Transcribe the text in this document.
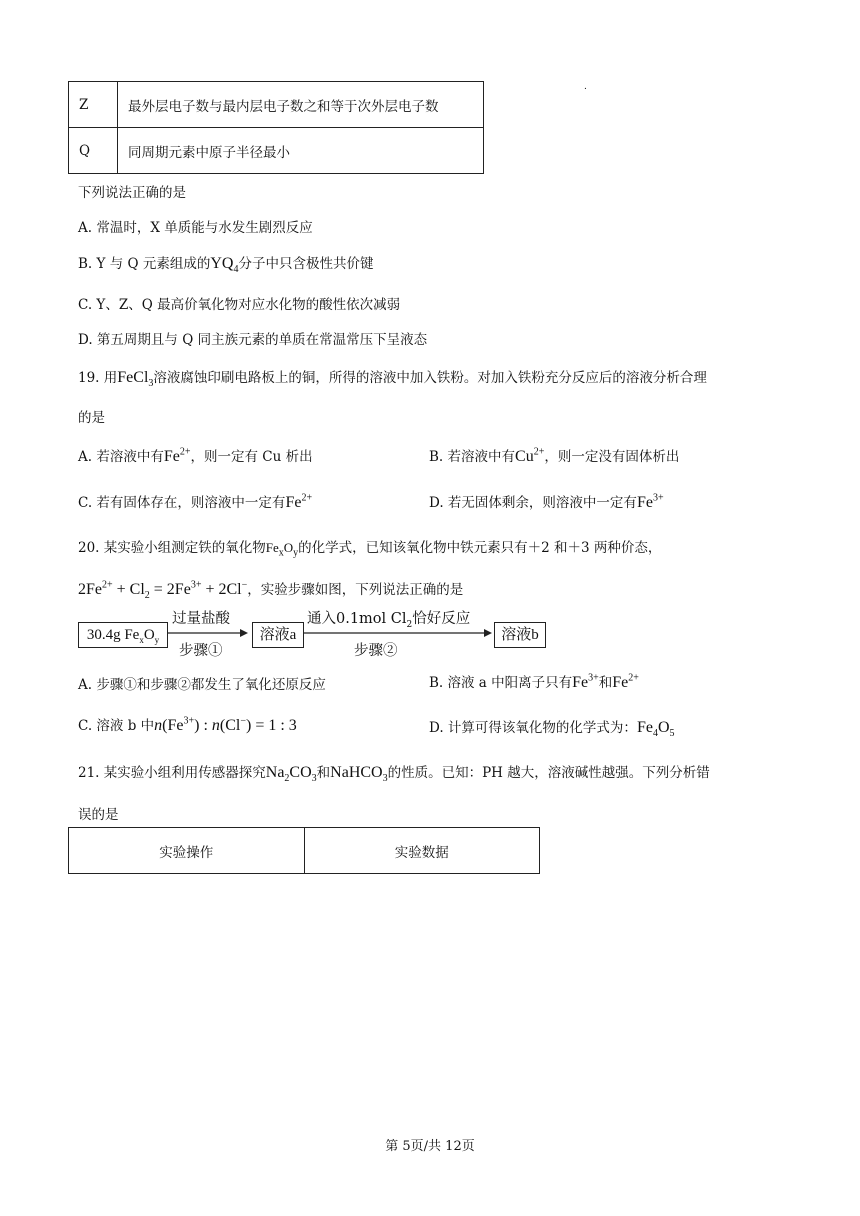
Z	最外层电子数与最内层电子数之和等于次外层电子数
Q	同周期元素中原子半径最小
.
下列说法正确的是
A. 常温时，X 单质能与水发生剧烈反应
B. Y 与 Q 元素组成的$YQ_4$分子中只含极性共价键
C. Y、Z、Q 最高价氧化物对应水化物的酸性依次减弱
D. 第五周期且与 Q 同主族元素的单质在常温常压下呈液态
19. 用FeCl$_3$溶液腐蚀印刷电路板上的铜，所得的溶液中加入铁粉。对加入铁粉充分反应后的溶液分析合理
的是
A. 若溶液中有$Fe^{2+}$，则一定有 Cu 析出	B. 若溶液中有$Cu^{2+}$，则一定没有固体析出
C. 若有固体存在，则溶液中一定有$Fe^{2+}$	D. 若无固体剩余，则溶液中一定有$Fe^{3+}$
20. 某实验小组测定铁的氧化物$Fe_xO_y$的化学式，已知该氧化物中铁元素只有＋2 和＋3 两种价态，
$2Fe^{2+} + Cl_2 = 2Fe^{3+} + 2Cl^-$，实验步骤如图，下列说法正确的是
30.4g $Fe_xO_y$
过量盐酸
步骤①
溶液a
通入0.1mol $Cl_2$恰好反应
步骤②
溶液b
A. 步骤①和步骤②都发生了氧化还原反应	B. 溶液 a 中阳离子只有$Fe^{3+}$和$Fe^{2+}$
C. 溶液 b 中$n(Fe^{3+})$ : n(Cl−) = 1 : 3	D. 计算可得该氧化物的化学式为：$Fe_4O_5$
21. 某实验小组利用传感器探究$Na_2CO_3$和NaHCO$_3$的性质。已知：PH 越大，溶液碱性越强。下列分析错
误的是
实验操作	实验数据
第 5页/共 12页
